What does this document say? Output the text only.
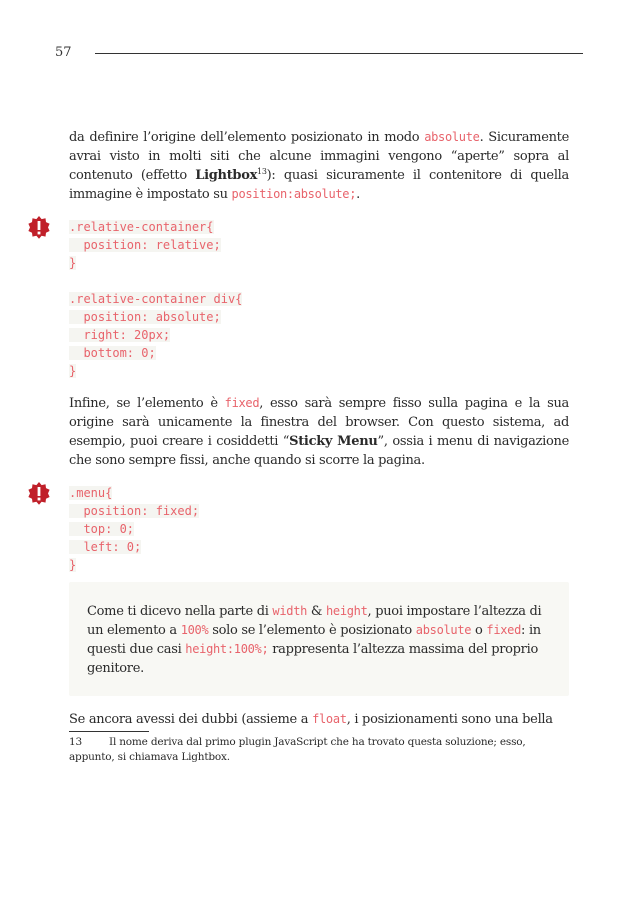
57

da definire l’origine dell’elemento posizionato in modo absolute. Sicuramente avrai visto in molti siti che alcune immagini vengono “aperte” sopra al contenuto (effetto Lightbox$^{13}$): quasi sicuramente il contenitore di quella immagine è impostato su position:absolute;.

.relative-container{
position: relative;
}
.relative-container div{
position: absolute;
right: 20px;
bottom: 0;
}

Infine, se l’elemento è fixed, esso sarà sempre fisso sulla pagina e la sua origine sarà unicamente la finestra del browser. Con questo sistema, ad esempio, puoi creare i cosiddetti “Sticky Menu”, ossia i menu di navigazione che sono sempre fissi, anche quando si scorre la pagina.

.menu{
position: fixed;
top: 0;
left: 0;
}

Come ti dicevo nella parte di width & height, puoi impostare l’altezza di un elemento a 100% solo se l’elemento è posizionato absolute o fixed: in questi due casi height:100%; rappresenta l’altezza massima del proprio genitore.

Se ancora avessi dei dubbi (assieme a float, i posizionamenti sono una bella

13	Il nome deriva dal primo plugin JavaScript che ha trovato questa soluzione; esso, appunto, si chiamava Lightbox.
